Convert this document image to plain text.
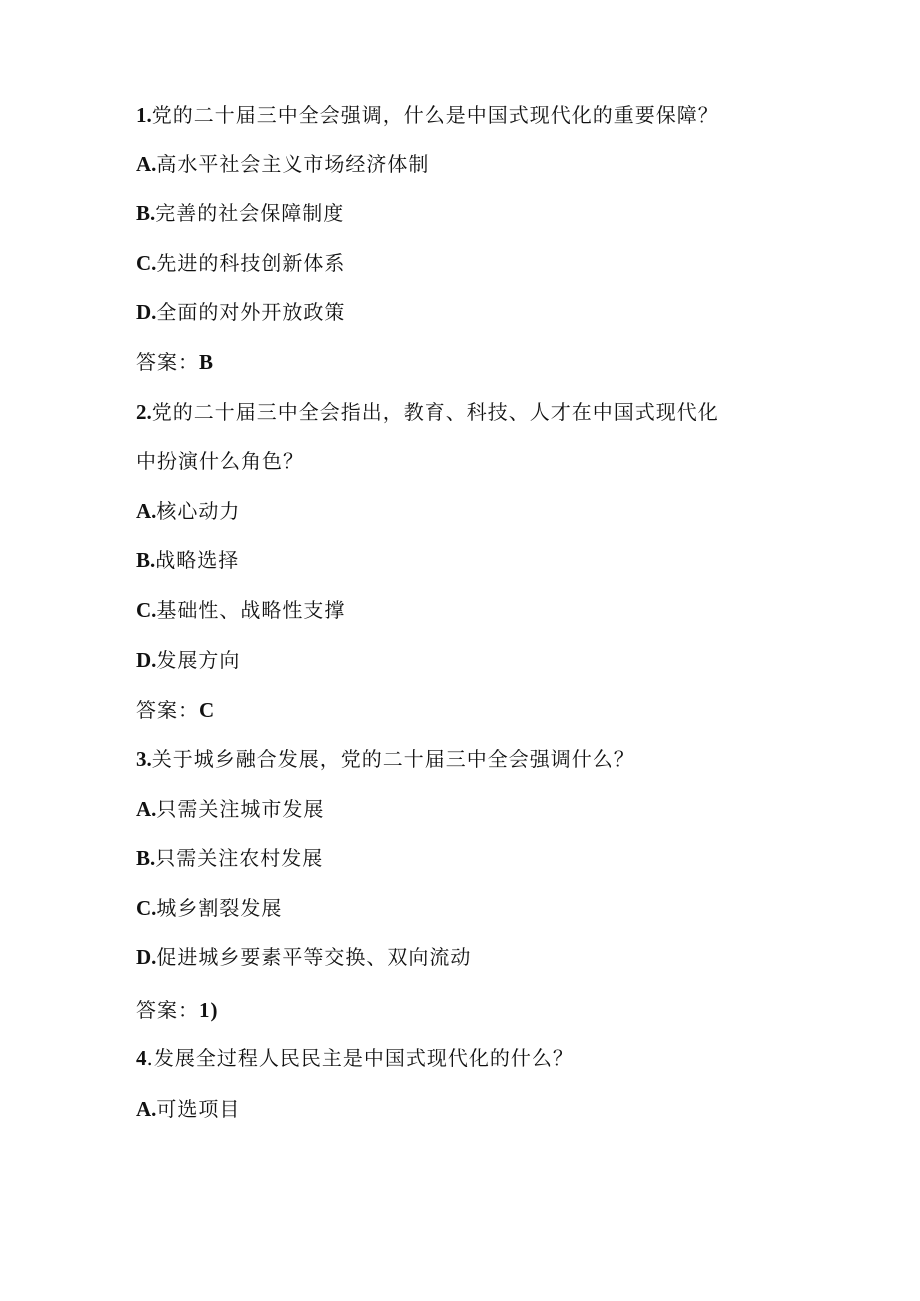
1.党的二十届三中全会强调，什么是中国式现代化的重要保障？
A.高水平社会主义市场经济体制
B.完善的社会保障制度
C.先进的科技创新体系
D.全面的对外开放政策
答案：B
2.党的二十届三中全会指出，教育、科技、人才在中国式现代化
中扮演什么角色？
A.核心动力
B.战略选择
C.基础性、战略性支撑
D.发展方向
答案：C
3.关于城乡融合发展，党的二十届三中全会强调什么？
A.只需关注城市发展
B.只需关注农村发展
C.城乡割裂发展
D.促进城乡要素平等交换、双向流动
答案：1)
4.发展全过程人民民主是中国式现代化的什么？
A.可选项目
